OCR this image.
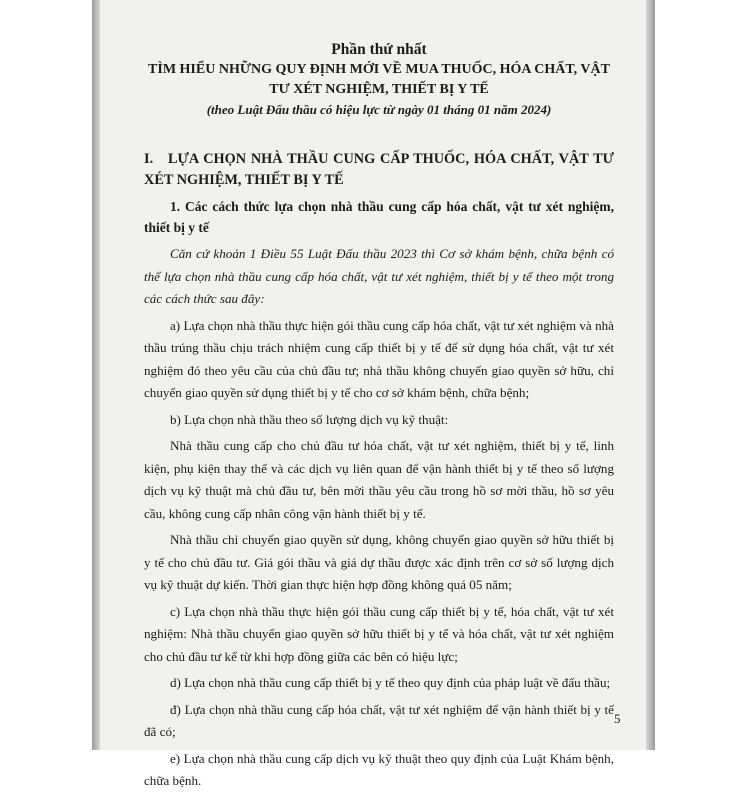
Phần thứ nhất

TÌM HIỂU NHỮNG QUY ĐỊNH MỚI VỀ MUA THUỐC, HÓA CHẤT, VẬT

TƯ XÉT NGHIỆM, THIẾT BỊ Y TẾ

(theo Luật Đấu thầu có hiệu lực từ ngày 01 tháng 01 năm 2024)

I. LỰA CHỌN NHÀ THẦU CUNG CẤP THUỐC, HÓA CHẤT, VẬT TƯ XÉT NGHIỆM, THIẾT BỊ Y TẾ

1. Các cách thức lựa chọn nhà thầu cung cấp hóa chất, vật tư xét nghiệm, thiết bị y tế

Căn cứ khoản 1 Điều 55 Luật Đấu thầu 2023 thì Cơ sở khám bệnh, chữa bệnh có thể lựa chọn nhà thầu cung cấp hóa chất, vật tư xét nghiệm, thiết bị y tế theo một trong các cách thức sau đây:

a) Lựa chọn nhà thầu thực hiện gói thầu cung cấp hóa chất, vật tư xét nghiệm và nhà thầu trúng thầu chịu trách nhiệm cung cấp thiết bị y tế để sử dụng hóa chất, vật tư xét nghiệm đó theo yêu cầu của chủ đầu tư; nhà thầu không chuyển giao quyền sở hữu, chỉ chuyển giao quyền sử dụng thiết bị y tế cho cơ sở khám bệnh, chữa bệnh;

b) Lựa chọn nhà thầu theo số lượng dịch vụ kỹ thuật:

Nhà thầu cung cấp cho chủ đầu tư hóa chất, vật tư xét nghiệm, thiết bị y tế, linh kiện, phụ kiện thay thế và các dịch vụ liên quan để vận hành thiết bị y tế theo số lượng dịch vụ kỹ thuật mà chủ đầu tư, bên mời thầu yêu cầu trong hồ sơ mời thầu, hồ sơ yêu cầu, không cung cấp nhân công vận hành thiết bị y tế.

Nhà thầu chỉ chuyển giao quyền sử dụng, không chuyển giao quyền sở hữu thiết bị y tế cho chủ đầu tư. Giá gói thầu và giá dự thầu được xác định trên cơ sở số lượng dịch vụ kỹ thuật dự kiến. Thời gian thực hiện hợp đồng không quá 05 năm;

c) Lựa chọn nhà thầu thực hiện gói thầu cung cấp thiết bị y tế, hóa chất, vật tư xét nghiệm: Nhà thầu chuyển giao quyền sở hữu thiết bị y tế và hóa chất, vật tư xét nghiệm cho chủ đầu tư kể từ khi hợp đồng giữa các bên có hiệu lực;

d) Lựa chọn nhà thầu cung cấp thiết bị y tế theo quy định của pháp luật về đấu thầu;

đ) Lựa chọn nhà thầu cung cấp hóa chất, vật tư xét nghiệm để vận hành thiết bị y tế đã có;

e) Lựa chọn nhà thầu cung cấp dịch vụ kỹ thuật theo quy định của Luật Khám bệnh, chữa bệnh.

5
